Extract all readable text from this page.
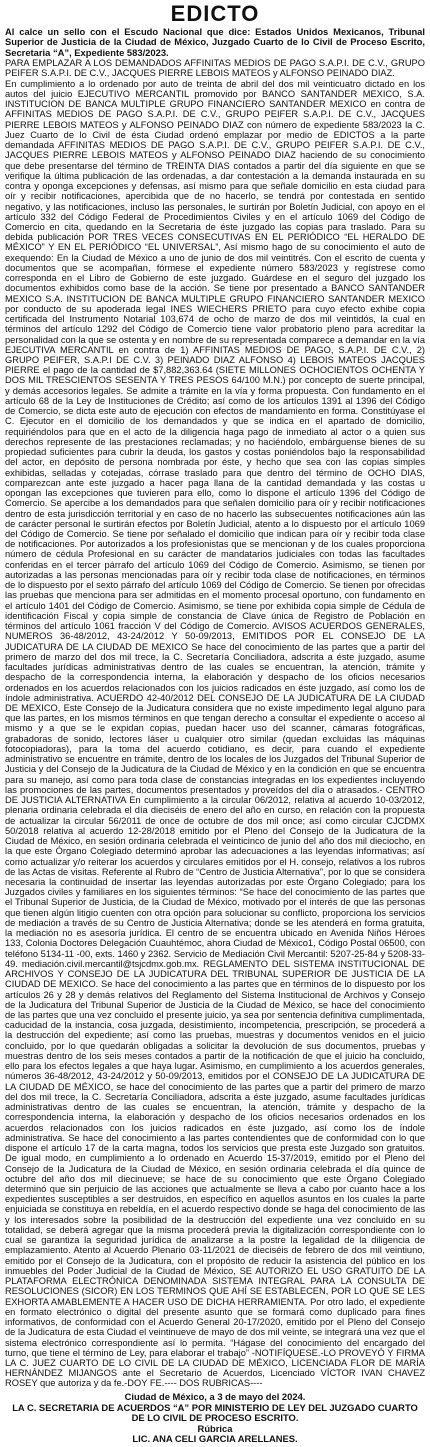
EDICTO

Al calce un sello con el Escudo Nacional que dice: Estados Unidos Mexicanos, Tribunal Superior de Justicia de la Ciudad de México, Juzgado Cuarto de lo Civil de Proceso Escrito, Secretaria “A”, Expediente 583/2023.

PARA EMPLAZAR A LOS DEMANDADOS AFFINITAS MEDIOS DE PAGO S.A.P.I. DE C.V., GRUPO PEIFER S.A.P.I. DE C.V., JACQUES PIERRE LEBOIS MATEOS y ALFONSO PEINADO DIAZ.

En cumplimiento a lo ordenado por auto de treinta de abril del dos mil veinticuatro dictado en los autos del juicio EJECUTIVO MERCANTIL promovido por BANCO SANTANDER MEXICO, S.A. INSTITUCION DE BANCA MULTIPLE GRUPO FINANCIERO SANTANDER MEXICO en contra de AFFINITAS MEDIOS DE PAGO S.A.P.I. DE C.V., GRUPO PEIFER S.A.P.I. DE C.V., JACQUES PIERRE LEBOIS MATEOS y ALFONSO PEINADO DIAZ con número de expediente 583/2023 la C. Juez Cuarto de lo Civil de ésta Ciudad ordenó emplazar por medio de EDICTOS a la parte demandada AFFINITAS MEDIOS DE PAGO S.A.P.I. DE C.V., GRUPO PEIFER S.A.P.I. DE C.V., JACQUES PIERRE LEBOIS MATEOS y ALFONSO PEINADO DIAZ haciendo de su conocimiento que debe presentarse del término de TREINTA DIAS contados a partir del día siguiente en que se verifique la última publicación de las ordenadas, a dar contestación a la demanda instaurada en su contra y oponga excepciones y defensas, así mismo para que señale domicilio en esta ciudad para oír y recibir notificaciones, apercibida que de no hacerlo, se tendrá por contestada en sentido negativo, y las notificaciones, incluso las personales, le surtirán por Boletín Judicial, con apoyo en el artículo 332 del Código Federal de Procedimientos Civiles y en el artículo 1069 del Código de Comercio en cita, quedando en la Secretaria de éste juzgado las copias para traslado. Para su debida publicación POR TRES VECES CONSECUTIVAS EN EL PERIÓDICO “EL HERALDO DE MÉXICO” Y EN EL PERIÓDICO “EL UNIVERSAL”, Así mismo hago de su conocimiento el auto de exequendo: En la Ciudad de México a uno de junio de dos mil veintitrés. Con el escrito de cuenta y documentos que se acompañan, fórmese el expediente número 583/2023 y regístrese como corresponda en el Libro de Gobierno de este juzgado. Guárdese en el seguro del juzgado los documentos exhibidos como base de la acción. Se tiene por presentado a BANCO SANTANDER MEXICO S.A. INSTITUCION DE BANCA MULTIPLE GRUPO FINANCIERO SANTANDER MEXICO por conducto de su apoderada legal INES WIECHERS PRIETO para cuyo efecto exhibe copia certificada del Instrumento Notarial 103,674 de ocho de marzo de dos mil veintidós, la cual en términos del artículo 1292 del Código de Comercio tiene valor probatorio pleno para acreditar la personalidad con la que se ostenta y en nombre de su representada comparece a demandar en la vía EJECUTIVA MERCANTIL en contra de 1) AFFINITAS MEDIOS DE PAGO, S.A.P.I. DE C.V., 2) GRUPO PEIFER, S.A.P.I DE C.V. 3) PEINADO DIAZ ALFONSO 4) LEBOIS MATEOS JACQUES PIERRE el pago de la cantidad de $7,882,363.64 (SIETE MILLONES OCHOCIENTOS OCHENTA Y DOS MIL TRESCIENTOS SESENTA Y TRES PESOS 64/100 M.N.) por concepto de suerte principal, y demás accesorios legales. Se admite a trámite en la vía y forma propuesta. Con fundamento en el artículo 68 de la Ley de Instituciones de Crédito; así como de los artículos 1391 al 1396 del Código de Comercio, se dicta este auto de ejecución con efectos de mandamiento en forma. Constitúyase el C. Ejecutor en el domicilio de los demandados y que se indica en el apartado de domicilio, requiriéndolos para que en el acto de la diligencia haga pago de inmediato al actor o a quien sus derechos represente de las prestaciones reclamadas; y no haciéndolo, embárguense bienes de su propiedad suficientes para cubrir la deuda, los gastos y costas poniéndolos bajo la responsabilidad del actor, en depósito de persona nombrada por éste, y hecho que sea con las copias simples exhibidas, selladas y cotejadas, córrase traslado para que dentro del término de OCHO DIAS, comparezcan ante este juzgado a hacer paga llana de la cantidad demandada y las costas u opongan las excepciones que tuvieren para ello, como lo dispone el artículo 1396 del Código de Comercio. Se apercibe a los demandados para que señalen domicilio para oír y recibir notificaciones dentro de esta jurisdicción territorial y en caso de no hacerlo las subsecuentes notificaciones aún las de carácter personal le surtirán efectos por Boletín Judicial, atento a lo dispuesto por el artículo 1069 del Código de Comercio. Se tiene por señalado el domicilio que indican para oír y recibir toda clase de notificaciones. Por autorizados a los profesionistas que se mencionan y de los cuales proporciona número de cédula Profesional en su carácter de mandatarios judiciales con todas las facultades conferidas en el tercer párrafo del artículo 1069 del Código de Comercio. Asimismo, se tienen por autorizadas a las personas mencionadas para oír y recibir toda clase de notificaciones, en términos de lo dispuesto por el sexto párrafo del artículo 1069 del Código de Comercio. Se tienen por ofrecidas las pruebas que menciona para ser admitidas en el momento procesal oportuno, con fundamento en el artículo 1401 del Código de Comercio. Asimismo, se tiene por exhibida copia simple de Cédula de identificación Fiscal y copia simple de constancia de Clave única de Registro de Población en términos del artículo 1061 fracción V del Código de Comercio. AVISOS ACUERDOS GENERALES, NUMEROS 36-48/2012, 43-24/2012 Y 50-09/2013, EMITIDOS POR EL CONSEJO DE LA JUDICATURA DE LA CIUDAD DE MEXICO Se hace del conocimiento de las partes que a partir del primero de marzo del dos mil trece, la C. Secretaría Conciliadora, adscrita a éste juzgado, asume facultades jurídicas administrativas dentro de las cuales se encuentran, la atención, trámite y despacho de la correspondencia interna, la elaboración y despacho de los oficios necesarios ordenados en los acuerdos relacionados con los juicios radicados en éste juzgado, así como los de índole administrativa. ACUERDO 42-40/2012 DEL CONSEJO DE LA JUDICATURA DE LA CIUDAD DE MEXICO, Este Consejo de la Judicatura considera que no existe impedimento legal alguno para que las partes, en los mismos términos en que tengan derecho a consultar el expediente o acceso al mismo y a que se le expidan copias, puedan hacer uso del scanner, cámaras fotográficas, grabadoras de sonido, lectores láser u cualquier otro similar (quedan excluidas las máquinas fotocopiadoras), para la toma del acuerdo cotidiano, es decir, para cuando el expediente administrativo se encuentre en trámite, dentro de los locales de los Juzgados del Tribunal Superior de Justicia y del Consejo de la Judicatura de la Ciudad de México y en la condición en que se encuentra para su manejo, así como para toda clase de constancias integradas en los expedientes incluyendo las promociones de las partes, documentos presentados y proveídos del día o atrasados.- CENTRO DE JUSTICIA ALTERNATIVA En cumplimiento a la circular 06/2012, relativa al acuerdo 10-03/2012, plenaria ordinaria celebrada el día dieciséis de enero del año en curso, en relación con la propuesta de actualizar la circular 56/2011 de once de octubre de dos mil once; así como circular CJCDMX 50/2018 relativa al acuerdo 12-28/2018 emitido por el Pleno del Consejo de la Judicatura de la Ciudad de México, en sesión ordinaria celebrada el veinticinco de junio del año dos mil dieciocho, en la que este Órgano Colegiado determinó aprobar las adecuaciones a las leyendas informativas; así como actualizar y/o reiterar los acuerdos y circulares emitidos por el H. consejo, relativos a los rubros de las Actas de visitas. Referente al Rubro de “Centro de Justicia Alternativa”, por lo que se considera necesaria la continuidad de insertar las leyendas autorizadas por este Órgano Colegiado; para los Juzgados civiles y familiares en los siguientes términos: “Se hace del conocimiento de las partes que el Tribunal Superior de Justicia, de la Ciudad de México, motivado por el interés de que las personas que tienen algún litigio cuenten con otra opción para solucionar su conflicto, proporciona los servicios de mediación a través de su Centro de Justicia Alternativa; donde se les atenderá en forma gratuita, la mediación no es asesoría jurídica. El centro de se encuentra ubicado en Avenida Niños Héroes 133, Colonia Doctores Delegación Cuauhtémoc, ahora Ciudad de México1, Código Postal 06500, con teléfono 5134-11 -00, exts. 1460 y 2362. Servicio de Mediación Civil Mercantil: 5207-25-84 y 5208-33-49. mediación.civil.mercantil@tsjcdmx.gob.mx. REGLAMENTO DEL SISTEMA INSTITUCIONAL DE ARCHIVOS Y CONSEJO DE LA JUDICATURA DEL TRIBUNAL SUPERIOR DE JUSTICIA DE LA CIUDAD DE MEXICO. Se hace del conocimiento a las partes que en términos de lo dispuesto por los artículos 26 y 28 y demás relativos del Reglamento del Sistema Institucional de Archivos y Consejo de la Judicatura del Tribunal Superior de Justicia de la Ciudad de México, se hace del conocimiento de las partes que una vez concluido el presente juicio, ya sea por sentencia definitiva cumplimentada, caducidad de la instancia, cosa juzgada, desistimiento, incompetencia, prescripción, se procederá a la destrucción del expediente; así como las pruebas, muestras y documentos venidos en el juicio concluido, por lo que quedarán obligadas a solicitar la devolución de sus documentos, pruebas y muestras dentro de los seis meses contados a partir de la notificación de que el juicio ha concluido, ello para los efectos legales a que haya lugar. Asimismo, en cumplimiento a los acuerdos generales, números 36-48/2012, 43-24/2012 y 50-09/2013, emitidos por el CONSEJO DE LA JUDICATURA DE LA CIUDAD DE MÉXICO, se hace del conocimiento de las partes que a partir del primero de marzo del dos mil trece, la C. Secretaría Conciliadora, adscrita a éste juzgado, asume facultades jurídicas administrativas dentro de las cuales se encuentran, la atención, trámite y despacho de la correspondencia interna, la elaboración y despacho de los oficios necesarios ordenados en los acuerdos relacionados con los juicios radicados en éste juzgado, así como los de índole administrativa. Se hace del conocimiento a las partes contendientes que de conformidad con lo que dispone el artículo 17 de la carta magna, todos los servicios que presta este Juzgado son gratuitos. De igual modo, en cumplimiento a lo ordenado en Acuerdo 15-37/2019, emitido por el Pleno del Consejo de la Judicatura de la Ciudad de México, en sesión ordinaria celebrada el día quince de octubre del año dos mil diecinueve; se hace de su conocimiento que este Órgano Colegiado determinó que sin perjuicio de las acciones que actualmente se lleva a cabo por cuanto hace a los expedientes susceptibles a ser destruidos, en específico en aquellos asuntos en los cuales la parte enjuiciada se constituya en rebeldía, en el acuerdo respectivo donde se haga del conocimiento de las y los interesados sobre la posibilidad de la destrucción del expediente una vez concluido en su totalidad, se deberá agregar que la misma procederá previa la digitalización correspondiente con lo cual se garantiza la seguridad jurídica de analizarse a la postre la legalidad de la diligencia de emplazamiento. Atento al Acuerdo Plenario 03-11/2021 de dieciséis de febrero de dos mil veintiuno, emitido por el Consejo de la Judicatura, con el propósito de reducir la asistencia del público en los inmuebles del Poder Judicial de la Ciudad de México, SE AUTORIZO EL USO GRATUITO DE LA PLATAFORMA ELECTRÓNICA DENOMINADA SISTEMA INTEGRAL PARA LA CONSULTA DE RESOLUCIONES (SICOR) EN LOS TERMINOS QUE AHÍ SE ESTABLECEN, POR LO QUE SE LES EXHORTA AMABLEMENTE A HACER USO DE DICHA HERRAMIENTA. Por otro lado, el expediente en formato electrónico o digital del presente asunto que se formará como duplicado para fines informativos, de conformidad con el Acuerdo General 20-17/2020, emitido por el Pleno del Consejo de la Judicatura de esta Ciudad el veintinueve de mayo de dos mil veinte, se integrará una vez que el sistema electrónico correspondiente así lo permita. “Hágase del conocimiento del encargado del turno, que tiene el término de Ley, para elaborar el trabajo” -NOTIFÍQUESE.-LO PROVEYÓ Y FIRMA LA C. JUEZ CUARTO DE LO CIVIL DE LA CIUDAD DE MÉXICO, LICENCIADA FLOR DE MARÍA HERNÁNDEZ MIJANGOS ante el Secretario de Acuerdos, Licenciado VÍCTOR IVAN CHAVEZ ROSEY que autoriza y da fe.-DOY FE.---- DOS RUBRICAS----

Ciudad de México, a 3 de mayo del 2024.
LA C. SECRETARIA DE ACUERDOS “A” POR MINISTERIO DE LEY DEL JUZGADO CUARTO DE LO CIVIL DE PROCESO ESCRITO.
Rúbrica
LIC. ANA CELI GARCIA ARELLANES.
